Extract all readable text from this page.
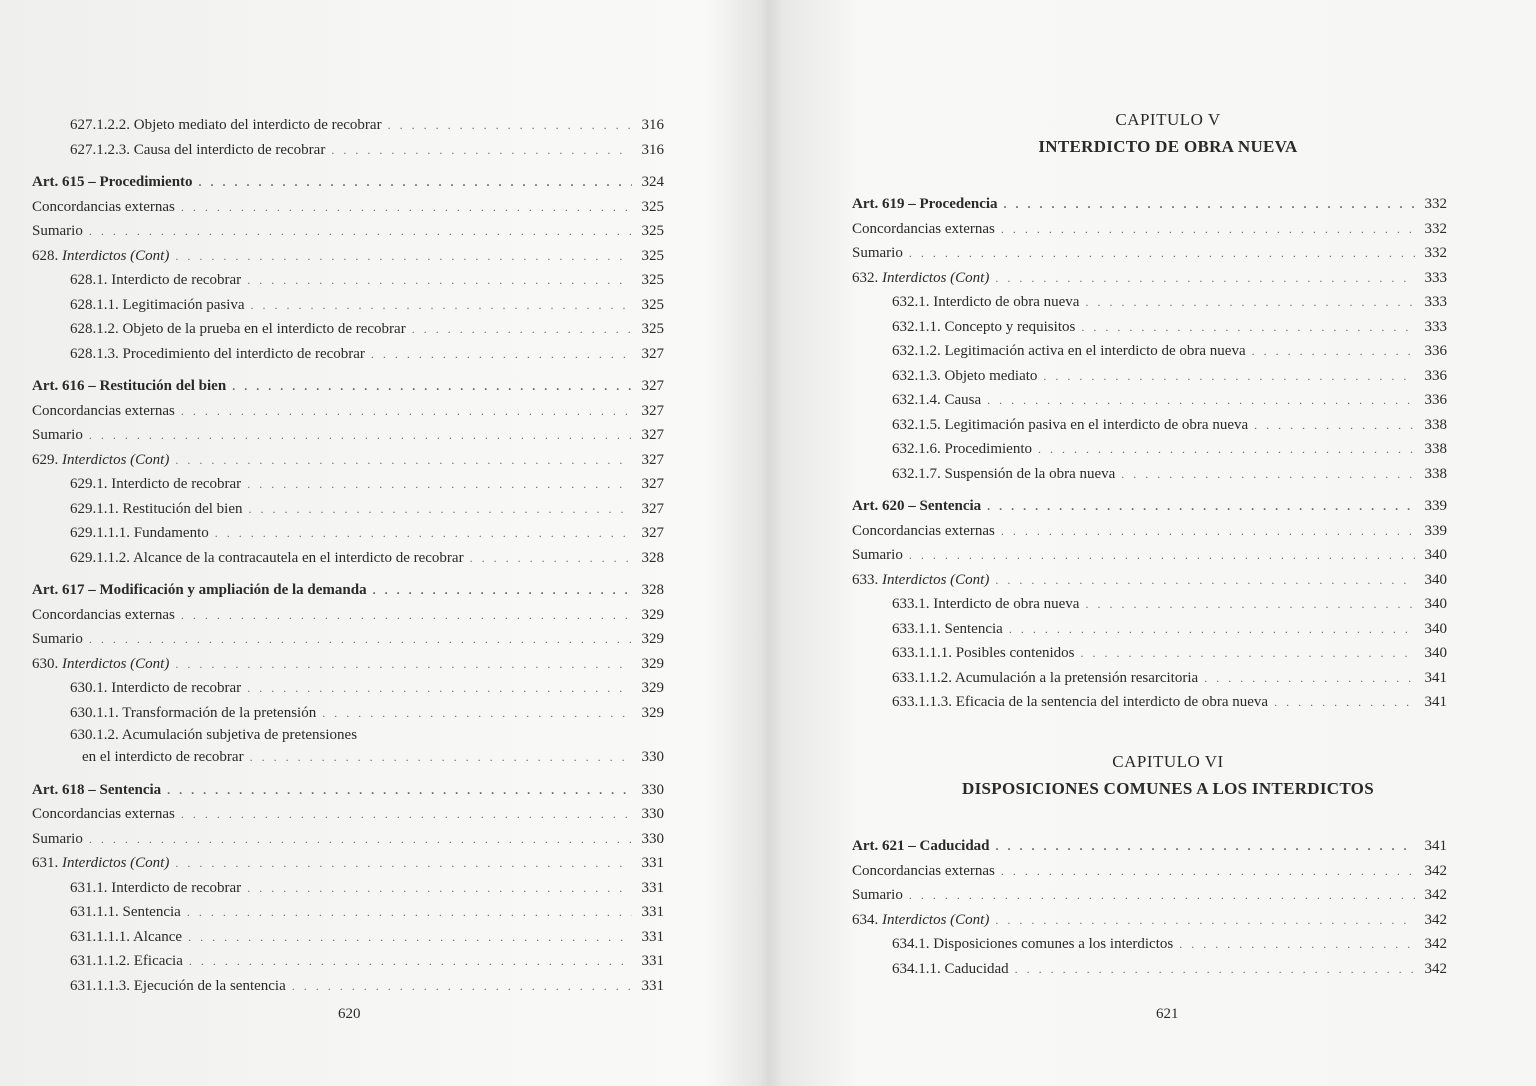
627.1.2.2. Objeto mediato del interdicto de recobrar . . .	316
627.1.2.3. Causa del interdicto de recobrar . . .	316
Art. 615 – Procedimiento . . .	324
Concordancias externas . . .	325
Sumario . . .	325
628. Interdictos (Cont) . . .	325
628.1. Interdicto de recobrar . . .	325
628.1.1. Legitimación pasiva . . .	325
628.1.2. Objeto de la prueba en el interdicto de recobrar . . .	325
628.1.3. Procedimiento del interdicto de recobrar . . .	327
Art. 616 – Restitución del bien . . .	327
Concordancias externas . . .	327
Sumario . . .	327
629. Interdictos (Cont) . . .	327
629.1. Interdicto de recobrar . . .	327
629.1.1. Restitución del bien . . .	327
629.1.1.1. Fundamento . . .	327
629.1.1.2. Alcance de la contracautela en el interdicto de recobrar . . .	328
Art. 617 – Modificación y ampliación de la demanda . . .	328
Concordancias externas . . .	329
Sumario . . .	329
630. Interdictos (Cont) . . .	329
630.1. Interdicto de recobrar . . .	329
630.1.1. Transformación de la pretensión . . .	329
630.1.2. Acumulación subjetiva de pretensiones
en el interdicto de recobrar . . .	330
Art. 618 – Sentencia . . .	330
Concordancias externas . . .	330
Sumario . . .	330
631. Interdictos (Cont) . . .	331
631.1. Interdicto de recobrar . . .	331
631.1.1. Sentencia . . .	331
631.1.1.1. Alcance . . .	331
631.1.1.2. Eficacia . . .	331
631.1.1.3. Ejecución de la sentencia . . .	331
620
CAPITULO V
INTERDICTO DE OBRA NUEVA
Art. 619 – Procedencia . . .	332
Concordancias externas . . .	332
Sumario . . .	332
632. Interdictos (Cont) . . .	333
632.1. Interdicto de obra nueva . . .	333
632.1.1. Concepto y requisitos . . .	333
632.1.2. Legitimación activa en el interdicto de obra nueva . . .	336
632.1.3. Objeto mediato . . .	336
632.1.4. Causa . . .	336
632.1.5. Legitimación pasiva en el interdicto de obra nueva . . .	338
632.1.6. Procedimiento . . .	338
632.1.7. Suspensión de la obra nueva . . .	338
Art. 620 – Sentencia . . .	339
Concordancias externas . . .	339
Sumario . . .	340
633. Interdictos (Cont) . . .	340
633.1. Interdicto de obra nueva . . .	340
633.1.1. Sentencia . . .	340
633.1.1.1. Posibles contenidos . . .	340
633.1.1.2. Acumulación a la pretensión resarcitoria . . .	341
633.1.1.3. Eficacia de la sentencia del interdicto de obra nueva . . .	341
CAPITULO VI
DISPOSICIONES COMUNES A LOS INTERDICTOS
Art. 621 – Caducidad . . .	341
Concordancias externas . . .	342
Sumario . . .	342
634. Interdictos (Cont) . . .	342
634.1. Disposiciones comunes a los interdictos . . .	342
634.1.1. Caducidad . . .	342
621
